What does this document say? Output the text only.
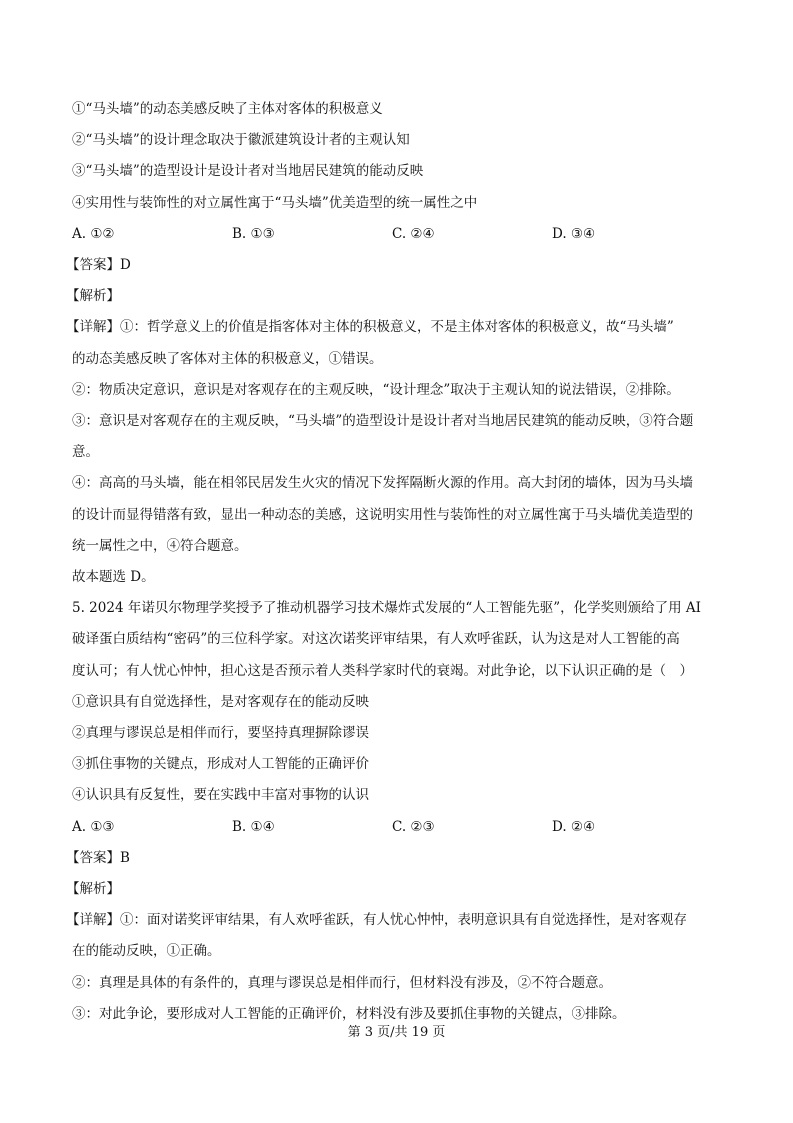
①“马头墙”的动态美感反映了主体对客体的积极意义
②“马头墙”的设计理念取决于徽派建筑设计者的主观认知
③“马头墙”的造型设计是设计者对当地居民建筑的能动反映
④实用性与装饰性的对立属性寓于“马头墙”优美造型的统一属性之中
A. ①②	B. ①③	C. ②④	D. ③④
【答案】D
【解析】
【详解】①：哲学意义上的价值是指客体对主体的积极意义，不是主体对客体的积极意义，故“马头墙”
的动态美感反映了客体对主体的积极意义，①错误。
②：物质决定意识，意识是对客观存在的主观反映，“设计理念”取决于主观认知的说法错误，②排除。
③：意识是对客观存在的主观反映，“马头墙”的造型设计是设计者对当地居民建筑的能动反映，③符合题
意。
④：高高的马头墙，能在相邻民居发生火灾的情况下发挥隔断火源的作用。高大封闭的墙体，因为马头墙
的设计而显得错落有致，显出一种动态的美感，这说明实用性与装饰性的对立属性寓于马头墙优美造型的
统一属性之中，④符合题意。
故本题选 D。
5. 2024 年诺贝尔物理学奖授予了推动机器学习技术爆炸式发展的“人工智能先驱”，化学奖则颁给了用 AI
破译蛋白质结构“密码”的三位科学家。对这次诺奖评审结果，有人欢呼雀跃，认为这是对人工智能的高
度认可；有人忧心忡忡，担心这是否预示着人类科学家时代的衰竭。对此争论，以下认识正确的是（　）
①意识具有自觉选择性，是对客观存在的能动反映
②真理与谬误总是相伴而行，要坚持真理摒除谬误
③抓住事物的关键点，形成对人工智能的正确评价
④认识具有反复性，要在实践中丰富对事物的认识
A. ①③	B. ①④	C. ②③	D. ②④
【答案】B
【解析】
【详解】①：面对诺奖评审结果，有人欢呼雀跃，有人忧心忡忡，表明意识具有自觉选择性，是对客观存
在的能动反映，①正确。
②：真理是具体的有条件的，真理与谬误总是相伴而行，但材料没有涉及，②不符合题意。
③：对此争论，要形成对人工智能的正确评价，材料没有涉及要抓住事物的关键点，③排除。
第 3 页/共 19 页
